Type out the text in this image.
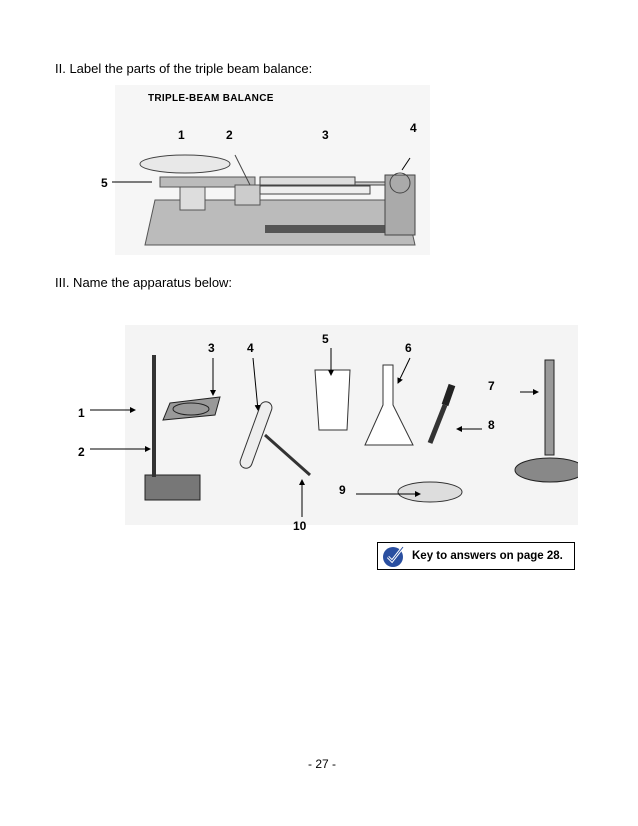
II. Label the parts of the triple beam balance:
TRIPLE-BEAM BALANCE
1	2	3	4
5
III. Name the apparatus below:
3	4
5
6
7
8
1
2
9
10
Key to answers on page 28.
- 27 -
